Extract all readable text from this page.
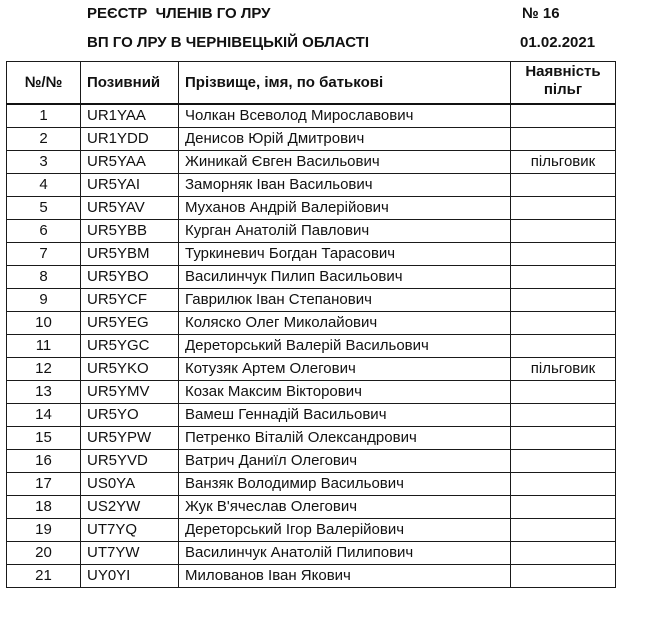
РЕЄСТР  ЧЛЕНІВ ГО ЛРУ
ВП ГО ЛРУ В ЧЕРНІВЕЦЬКІЙ ОБЛАСТІ
№ 16
01.02.2021
№/№	Позивний	Прізвище, імя, по батькові	Наявність
пільг
1	UR1YAA	Чолкан Всеволод Мирославович	
2	UR1YDD	Денисов Юрій Дмитрович	
3	UR5YAA	Жиникай Євген Васильович	пільговик
4	UR5YAI	Заморняк Іван Васильович	
5	UR5YAV	Муханов Андрій Валерійович	
6	UR5YBB	Курган Анатолій Павлович	
7	UR5YBM	Туркиневич Богдан Тарасович	
8	UR5YBO	Василинчук Пилип Васильович	
9	UR5YCF	Гаврилюк Іван Степанович	
10	UR5YEG	Коляско Олег Миколайович	
11	UR5YGC	Дереторський Валерій Васильович	
12	UR5YKO	Котузяк Артем Олегович	пільговик
13	UR5YMV	Козак Максим Вікторович	
14	UR5YO	Вамеш Геннадій Васильович	
15	UR5YPW	Петренко Віталій Олександрович	
16	UR5YVD	Ватрич Даниїл Олегович	
17	US0YA	Ванзяк Володимир Васильович	
18	US2YW	Жук В'ячеслав Олегович	
19	UT7YQ	Дереторський Ігор Валерійович	
20	UT7YW	Василинчук Анатолій Пилипович	
21	UY0YI	Милованов Іван Якович	
